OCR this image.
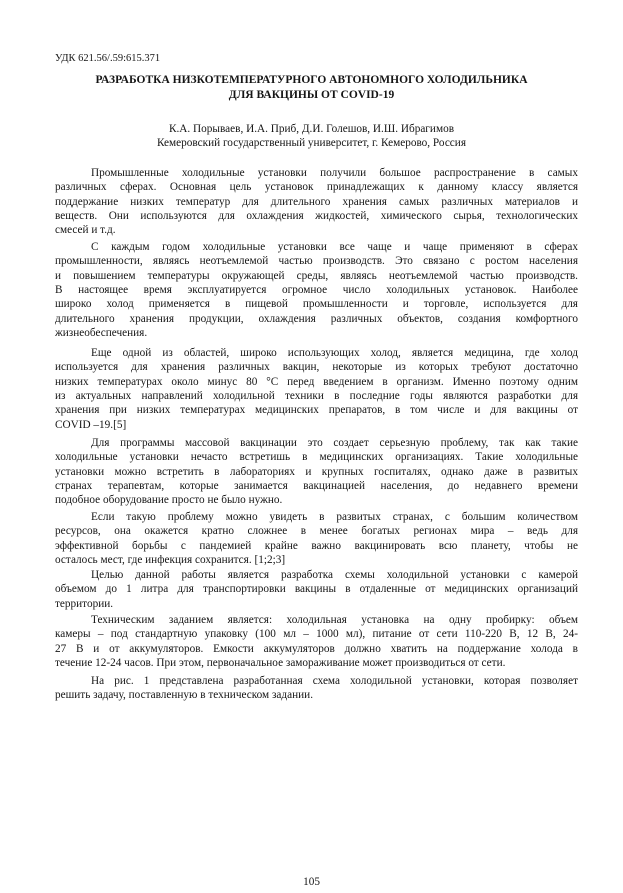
УДК 621.56/.59:615.371
РАЗРАБОТКА НИЗКОТЕМПЕРАТУРНОГО АВТОНОМНОГО ХОЛОДИЛЬНИКА
ДЛЯ ВАКЦИНЫ ОТ COVID-19
К.А. Порываев, И.А. Приб, Д.И. Голешов, И.Ш. Ибрагимов
Кемеровский государственный университет, г. Кемерово, Россия
Промышленные холодильные установки получили большое распространение в самых
различных сферах. Основная цель установок принадлежащих к данному классу является
поддержание низких температур для длительного хранения самых различных материалов и
веществ. Они используются для охлаждения жидкостей, химического сырья, технологических
смесей и т.д.
С каждым годом холодильные установки все чаще и чаще применяют в сферах
промышленности, являясь неотъемлемой частью производств. Это связано с ростом населения
и повышением температуры окружающей среды, являясь неотъемлемой частью производств.
В настоящее время эксплуатируется огромное число холодильных установок. Наиболее
широко холод применяется в пищевой промышленности и торговле, используется для
длительного хранения продукции, охлаждения различных объектов, создания комфортного
жизнеобеспечения.
Еще одной из областей, широко использующих холод, является медицина, где холод
используется для хранения различных вакцин, некоторые из которых требуют достаточно
низких температурах около минус 80 °С перед введением в организм. Именно поэтому одним
из актуальных направлений холодильной техники в последние годы являются разработки для
хранения при низких температурах медицинских препаратов, в том числе и для вакцины от
COVID –19.[5]
Для программы массовой вакцинации это создает серьезную проблему, так как такие
холодильные установки нечасто встретишь в медицинских организациях. Такие холодильные
установки можно встретить в лабораториях и крупных госпиталях, однако даже в развитых
странах терапевтам, которые занимается вакцинацией населения, до недавнего времени
подобное оборудование просто не было нужно.
Если такую проблему можно увидеть в развитых странах, с большим количеством
ресурсов, она окажется кратно сложнее в менее богатых регионах мира – ведь для
эффективной борьбы с пандемией крайне важно вакцинировать всю планету, чтобы не
осталось мест, где инфекция сохранится. [1;2;3]
Целью данной работы является разработка схемы холодильной установки с камерой
объемом до 1 литра для транспортировки вакцины в отдаленные от медицинских организаций
территории.
Техническим заданием является: холодильная установка на одну пробирку: объем
камеры – под стандартную упаковку (100 мл – 1000 мл), питание от сети 110-220 В, 12 В, 24-
27 В и от аккумуляторов. Емкости аккумуляторов должно хватить на поддержание холода в
течение 12-24 часов. При этом, первоначальное замораживание может производиться от сети.
На рис. 1 представлена разработанная схема холодильной установки, которая позволяет
решить задачу, поставленную в техническом задании.
105
